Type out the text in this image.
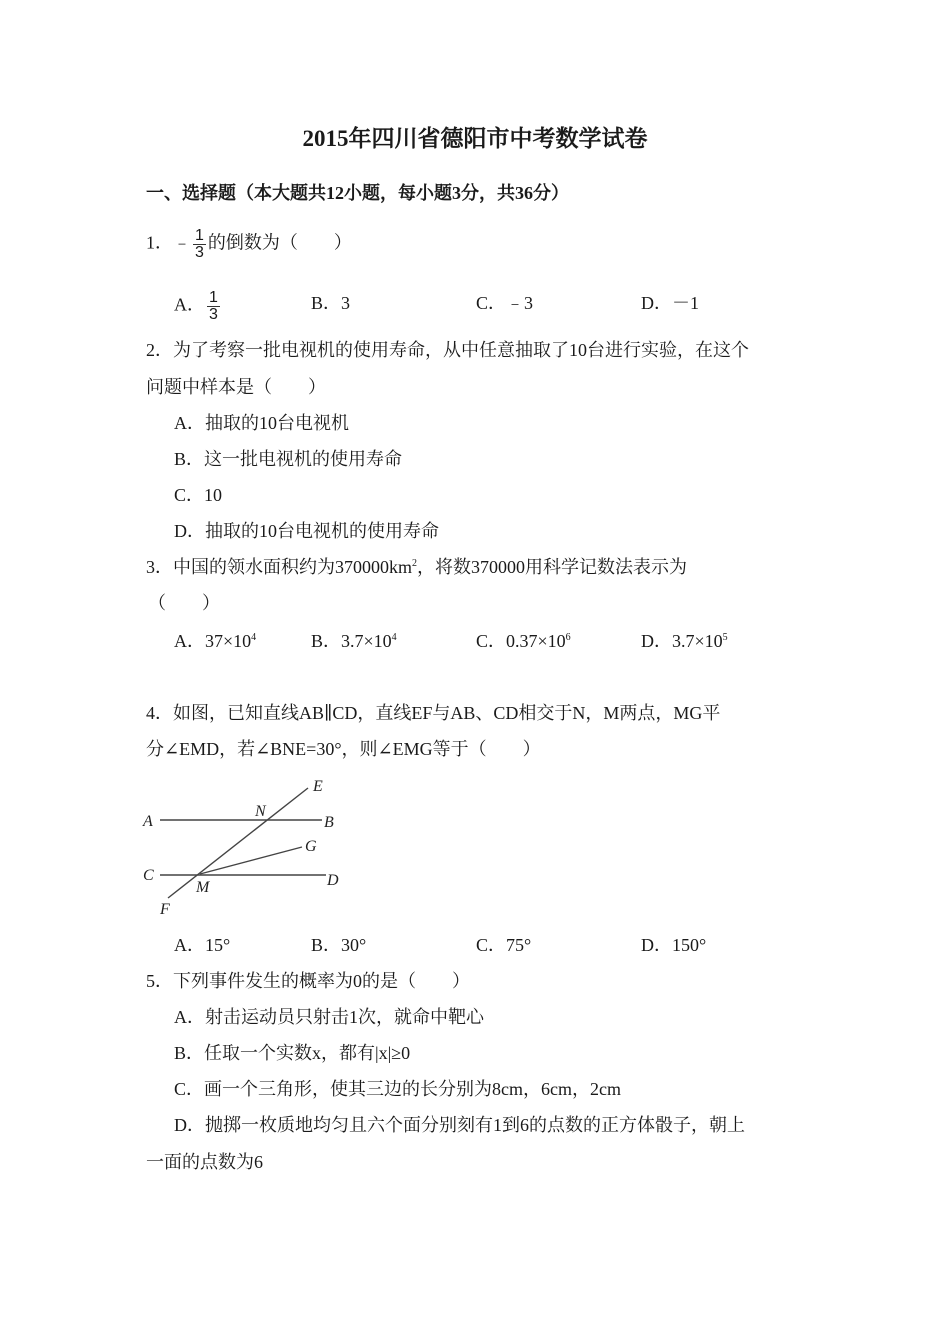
2015年四川省德阳市中考数学试卷
一、选择题（本大题共12小题，每小题3分，共36分）
1．﹣ $\frac{1}{3}$ 的倒数为（　　）
A． $\frac{1}{3}$	B．3	C．﹣3	D．－1
2．为了考察一批电视机的使用寿命，从中任意抽取了10台进行实验，在这个
问题中样本是（　　）
A．抽取的10台电视机
B．这一批电视机的使用寿命
C．10
D．抽取的10台电视机的使用寿命
3．中国的领水面积约为$370000km^2$，将数370000用科学记数法表示为
（　　）
A．$37\times 10^4$	B．$3.7\times 10^4$	C．$0.37\times 10^6$	D．$3.7\times 10^5$
4．如图，已知直线AB∥CD，直线EF与AB、CD相交于N，M两点，MG平
分∠EMD，若∠BNE=30°，则∠EMG等于（　　）
A	B
C	D
E
F
G
M
N
A．15°	B．30°	C．75°	D．150°
5．下列事件发生的概率为0的是（　　）
A．射击运动员只射击1次，就命中靶心
B．任取一个实数x，都有|x|≥0
C．画一个三角形，使其三边的长分别为8cm，6cm，2cm
D．抛掷一枚质地均匀且六个面分别刻有1到6的点数的正方体骰子，朝上
一面的点数为6
